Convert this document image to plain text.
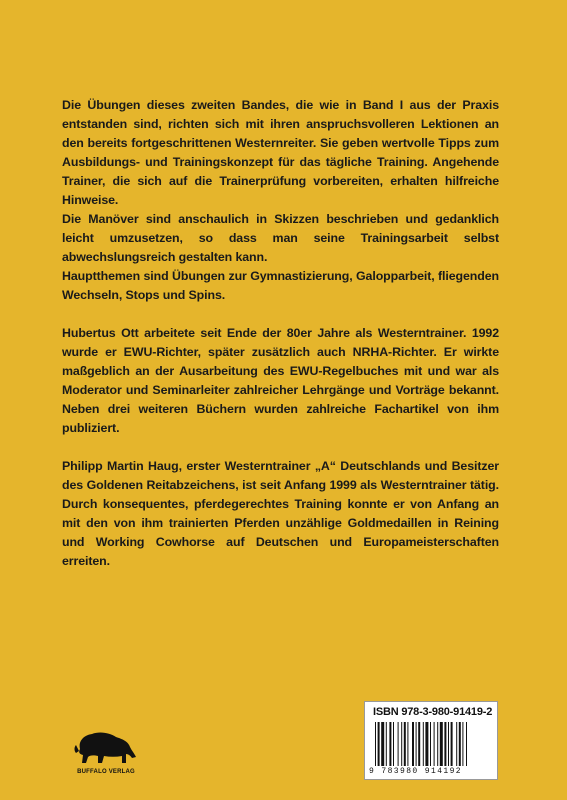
Die Übungen dieses zweiten Bandes, die wie in Band I aus der Praxis entstanden sind, richten sich mit ihren anspruchsvolleren Lektionen an den bereits fortgeschrittenen Westernreiter. Sie geben wertvolle Tipps zum Ausbildungs- und Trainingskonzept für das tägliche Training. Angehende Trainer, die sich auf die Trainerprüfung vorbereiten, erhalten hilfreiche Hinweise.

Die Manöver sind anschaulich in Skizzen beschrieben und gedanklich leicht umzusetzen, so dass man seine Trainingsarbeit selbst abwechslungsreich gestalten kann.

Hauptthemen sind Übungen zur Gymnastizierung, Galopparbeit, fliegenden Wechseln, Stops und Spins.

Hubertus Ott arbeitete seit Ende der 80er Jahre als Westerntrainer. 1992 wurde er EWU-Richter, später zusätzlich auch NRHA-Richter. Er wirkte maßgeblich an der Ausarbeitung des EWU-Regelbuches mit und war als Moderator und Seminarleiter zahlreicher Lehrgänge und Vorträge bekannt. Neben drei weiteren Büchern wurden zahlreiche Fachartikel von ihm publiziert.

Philipp Martin Haug, erster Westerntrainer „A“ Deutschlands und Besitzer des Goldenen Reitabzeichens, ist seit Anfang 1999 als Westerntrainer tätig. Durch konsequentes, pferdegerechtes Training konnte er von Anfang an mit den von ihm trainierten Pferden unzählige Goldmedaillen in Reining und Working Cowhorse auf Deutschen und Europameisterschaften erreiten.

BUFFALO VERLAG
ISBN 978-3-980-91419-2
9 783980 914192
